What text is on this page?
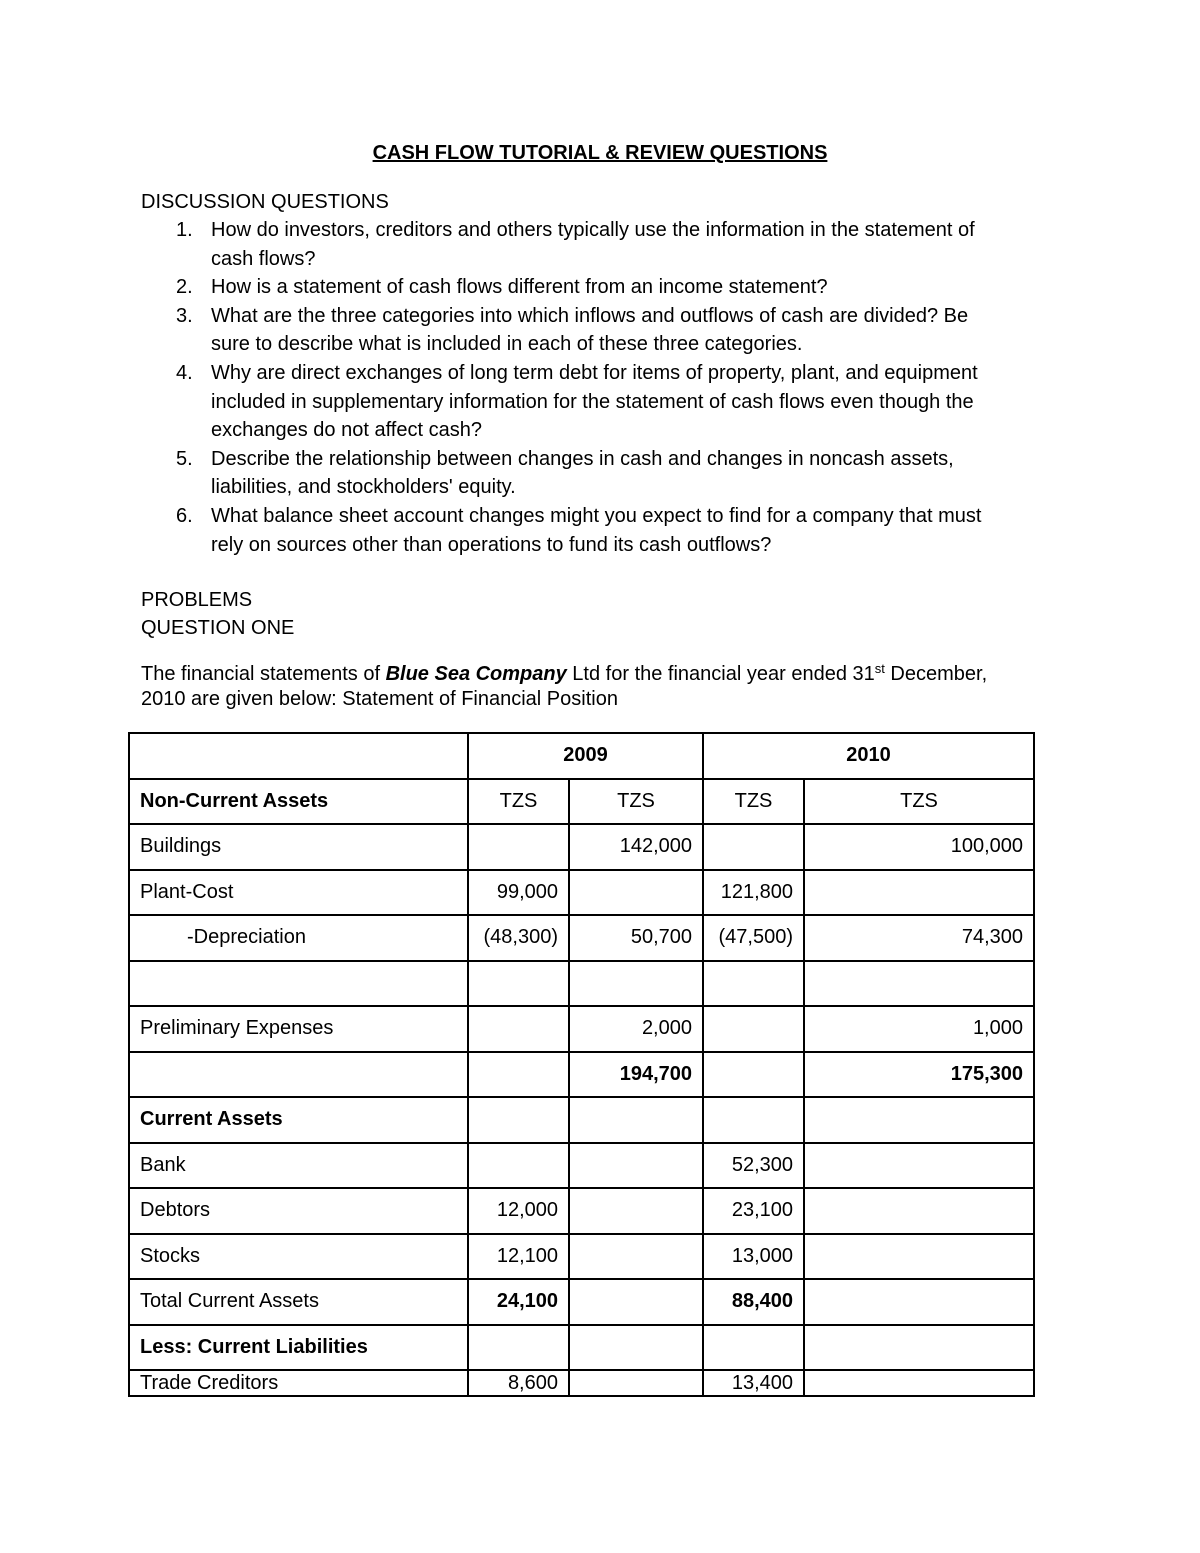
CASH FLOW TUTORIAL & REVIEW QUESTIONS
DISCUSSION QUESTIONS
1. How do investors, creditors and others typically use the information in the statement of
cash flows?
2. How is a statement of cash flows different from an income statement?
3. What are the three categories into which inflows and outflows of cash are divided? Be
sure to describe what is included in each of these three categories.
4. Why are direct exchanges of long term debt for items of property, plant, and equipment
included in supplementary information for the statement of cash flows even though the
exchanges do not affect cash?
5. Describe the relationship between changes in cash and changes in noncash assets,
liabilities, and stockholders' equity.
6. What balance sheet account changes might you expect to find for a company that must
rely on sources other than operations to fund its cash outflows?
PROBLEMS
QUESTION ONE
The financial statements of Blue Sea Company Ltd for the financial year ended 31st December,
2010 are given below: Statement of Financial Position
	2009		2010	
Non-Current Assets	TZS	TZS	TZS	TZS
Buildings		142,000		100,000
Plant-Cost	99,000		121,800	
-Depreciation	(48,300)	50,700	(47,500)	74,300

Preliminary Expenses		2,000		1,000
		194,700		175,300
Current Assets				
Bank			52,300	
Debtors	12,000		23,100	
Stocks	12,100		13,000	
Total Current Assets	24,100		88,400	
Less: Current Liabilities				
Trade Creditors	8,600		13,400	
